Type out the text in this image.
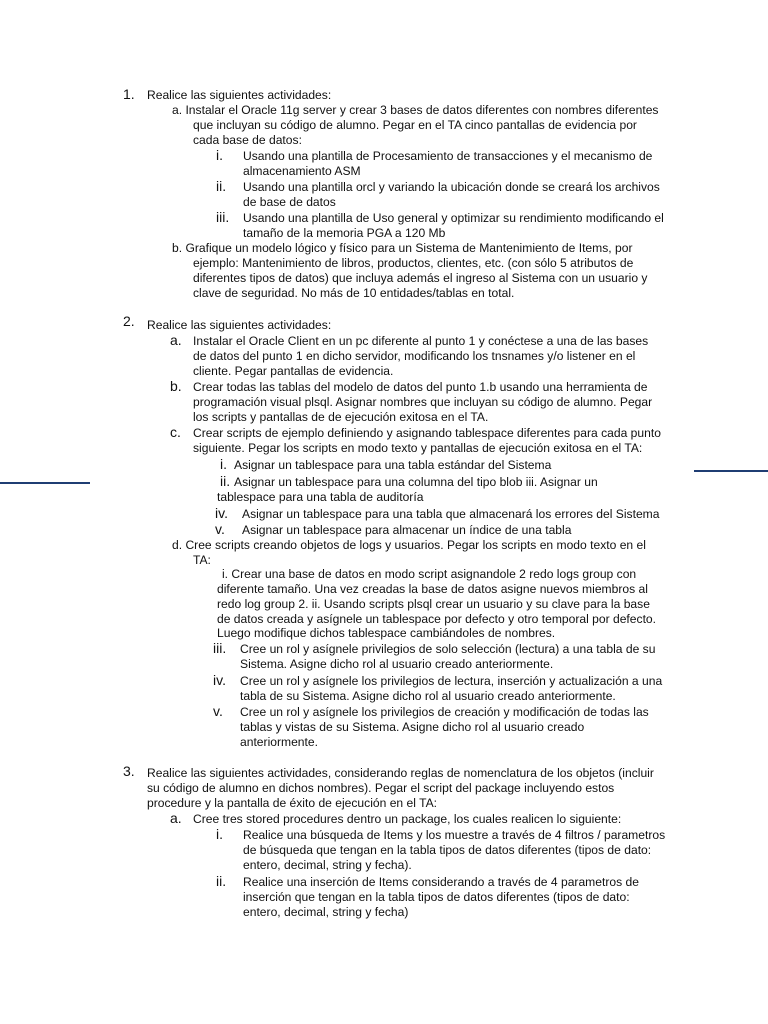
1. Realice las siguientes actividades:
a. Instalar el Oracle 11g server y crear 3 bases de datos diferentes con nombres diferentes
que incluyan su código de alumno. Pegar en el TA cinco pantallas de evidencia por
cada base de datos:
i. Usando una plantilla de Procesamiento de transacciones y el mecanismo de
almacenamiento ASM
ii. Usando una plantilla orcl y variando la ubicación donde se creará los archivos
de base de datos
iii. Usando una plantilla de Uso general y optimizar su rendimiento modificando el
tamaño de la memoria PGA a 120 Mb
b. Grafique un modelo lógico y físico para un Sistema de Mantenimiento de Items, por
ejemplo: Mantenimiento de libros, productos, clientes, etc. (con sólo 5 atributos de
diferentes tipos de datos) que incluya además el ingreso al Sistema con un usuario y
clave de seguridad. No más de 10 entidades/tablas en total.
2. Realice las siguientes actividades:
a. Instalar el Oracle Client en un pc diferente al punto 1 y conéctese a una de las bases
de datos del punto 1 en dicho servidor, modificando los tnsnames y/o listener en el
cliente. Pegar pantallas de evidencia.
b. Crear todas las tablas del modelo de datos del punto 1.b usando una herramienta de
programación visual plsql. Asignar nombres que incluyan su código de alumno. Pegar
los scripts y pantallas de de ejecución exitosa en el TA.
c. Crear scripts de ejemplo definiendo y asignando tablespace diferentes para cada punto
siguiente. Pegar los scripts en modo texto y pantallas de ejecución exitosa en el TA:
i. Asignar un tablespace para una tabla estándar del Sistema
ii. Asignar un tablespace para una columna del tipo blob iii. Asignar un
tablespace para una tabla de auditoría
iv. Asignar un tablespace para una tabla que almacenará los errores del Sistema
v. Asignar un tablespace para almacenar un índice de una tabla
d. Cree scripts creando objetos de logs y usuarios. Pegar los scripts en modo texto en el
TA:
i. Crear una base de datos en modo script asignandole 2 redo logs group con
diferente tamaño. Una vez creadas la base de datos asigne nuevos miembros al
redo log group 2. ii. Usando scripts plsql crear un usuario y su clave para la base
de datos creada y asígnele un tablespace por defecto y otro temporal por defecto.
Luego modifique dichos tablespace cambiándoles de nombres.
iii. Cree un rol y asígnele privilegios de solo selección (lectura) a una tabla de su
Sistema. Asigne dicho rol al usuario creado anteriormente.
iv. Cree un rol y asígnele los privilegios de lectura, inserción y actualización a una
tabla de su Sistema. Asigne dicho rol al usuario creado anteriormente.
v. Cree un rol y asígnele los privilegios de creación y modificación de todas las
tablas y vistas de su Sistema. Asigne dicho rol al usuario creado
anteriormente.
3. Realice las siguientes actividades, considerando reglas de nomenclatura de los objetos (incluir
su código de alumno en dichos nombres). Pegar el script del package incluyendo estos
procedure y la pantalla de éxito de ejecución en el TA:
a. Cree tres stored procedures dentro un package, los cuales realicen lo siguiente:
i. Realice una búsqueda de Items y los muestre a través de 4 filtros / parametros
de búsqueda que tengan en la tabla tipos de datos diferentes (tipos de dato:
entero, decimal, string y fecha).
ii. Realice una inserción de Items considerando a través de 4 parametros de
inserción que tengan en la tabla tipos de datos diferentes (tipos de dato:
entero, decimal, string y fecha)
